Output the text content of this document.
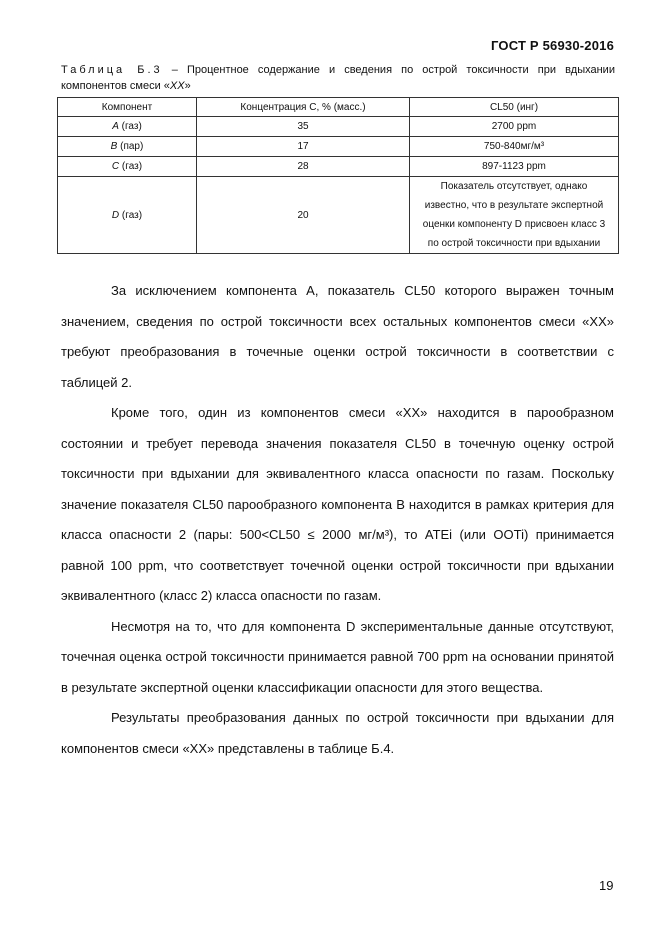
ГОСТ Р 56930-2016
Таблица Б.3 – Процентное содержание и сведения по острой токсичности при вдыхании компонентов смеси «XX»
Компонент	Концентрация C, % (масс.)	CL50 (инг)
A (газ)	35	2700 ppm
B (пар)	17	750-840мг/м³
C (газ)	28	897-1123 ppm
D (газ)	20	Показатель отсутствует, однако
известно, что в результате экспертной
оценки компоненту D присвоен класс 3
по острой токсичности при вдыхании

За исключением компонента A, показатель CL50 которого выражен точным значением, сведения по острой токсичности всех остальных компонентов смеси «XX» требуют преобразования в точечные оценки острой токсичности в соответствии с таблицей 2.

Кроме того, один из компонентов смеси «XX» находится в парообразном состоянии и требует перевода значения показателя CL50 в точечную оценку острой токсичности при вдыхании для эквивалентного класса опасности по газам. Поскольку значение показателя CL50 парообразного компонента B находится в рамках критерия для класса опасности 2 (пары: 500<CL50 ≤ 2000 мг/м³), то ATEi (или OOTi) принимается равной 100 ppm, что соответствует точечной оценки острой токсичности при вдыхании эквивалентного (класс 2) класса опасности по газам.

Несмотря на то, что для компонента D экспериментальные данные отсутствуют, точечная оценка острой токсичности принимается равной 700 ppm на основании принятой в результате экспертной оценки классификации опасности для этого вещества.

Результаты преобразования данных по острой токсичности при вдыхании для компонентов смеси «XX» представлены в таблице Б.4.

19
